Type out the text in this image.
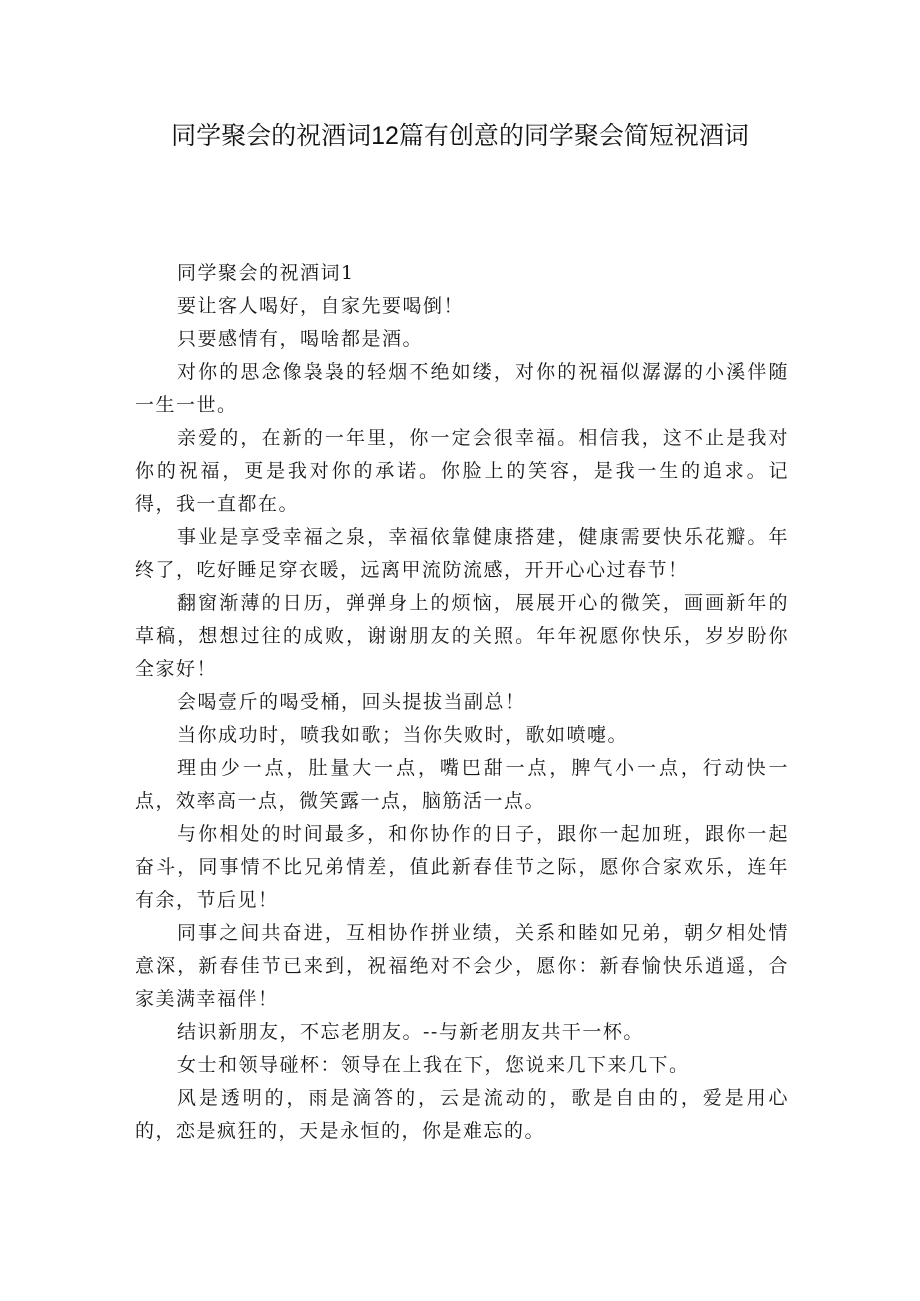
同学聚会的祝酒词12篇有创意的同学聚会简短祝酒词

同学聚会的祝酒词1

要让客人喝好，自家先要喝倒！

只要感情有，喝啥都是酒。

对你的思念像袅袅的轻烟不绝如缕，对你的祝福似潺潺的小溪伴随一生一世。

亲爱的，在新的一年里，你一定会很幸福。相信我，这不止是我对你的祝福，更是我对你的承诺。你脸上的笑容，是我一生的追求。记得，我一直都在。

事业是享受幸福之泉，幸福依靠健康搭建，健康需要快乐花瓣。年终了，吃好睡足穿衣暖，远离甲流防流感，开开心心过春节！

翻窗渐薄的日历，弹弹身上的烦恼，展展开心的微笑，画画新年的草稿，想想过往的成败，谢谢朋友的关照。年年祝愿你快乐，岁岁盼你全家好！

会喝壹斤的喝受桶，回头提拔当副总！

当你成功时，喷我如歌；当你失败时，歌如喷嚏。

理由少一点，肚量大一点，嘴巴甜一点，脾气小一点，行动快一点，效率高一点，微笑露一点，脑筋活一点。

与你相处的时间最多，和你协作的日子，跟你一起加班，跟你一起奋斗，同事情不比兄弟情差，值此新春佳节之际，愿你合家欢乐，连年有余，节后见！

同事之间共奋进，互相协作拼业绩，关系和睦如兄弟，朝夕相处情意深，新春佳节已来到，祝福绝对不会少，愿你：新春愉快乐逍遥，合家美满幸福伴！

结识新朋友，不忘老朋友。--与新老朋友共干一杯。

女士和领导碰杯：领导在上我在下，您说来几下来几下。

风是透明的，雨是滴答的，云是流动的，歌是自由的，爱是用心的，恋是疯狂的，天是永恒的，你是难忘的。
